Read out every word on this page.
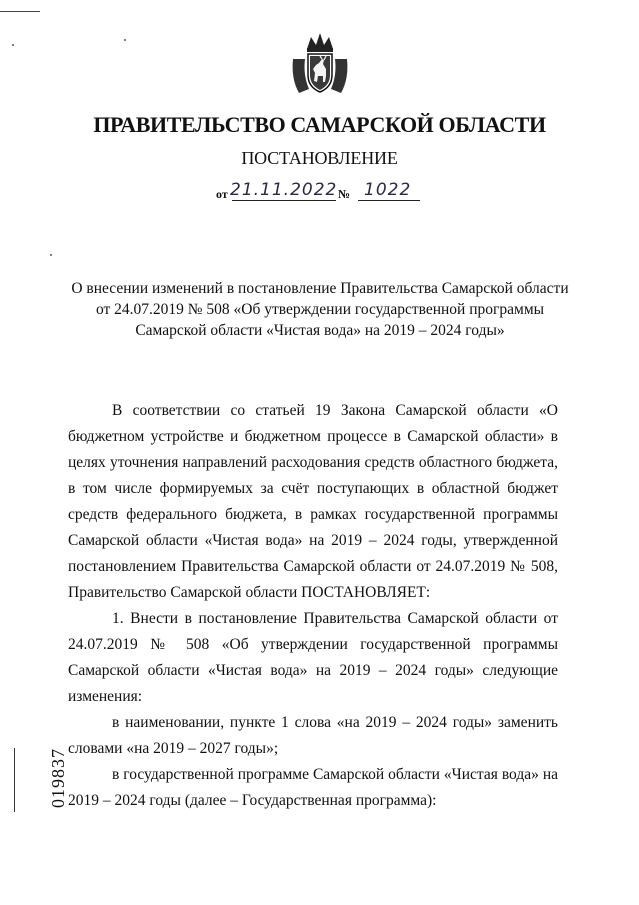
ПРАВИТЕЛЬСТВО САМАРСКОЙ ОБЛАСТИ
ПОСТАНОВЛЕНИЕ
от 21.11.2022 № 1022
О внесении изменений в постановление Правительства Самарской области
от 24.07.2019 № 508 «Об утверждении государственной программы
Самарской области «Чистая вода» на 2019 – 2024 годы»
В соответствии со статьей 19 Закона Самарской области «О бюджетном устройстве и бюджетном процессе в Самарской области» в целях уточнения направлений расходования средств областного бюджета, в том числе формируемых за счёт поступающих в областной бюджет средств федерального бюджета, в рамках государственной программы Самарской области «Чистая вода» на 2019 – 2024 годы, утвержденной постановлением Правительства Самарской области от 24.07.2019 № 508, Правительство Самарской области ПОСТАНОВЛЯЕТ:
1. Внести в постановление Правительства Самарской области от 24.07.2019 № 508 «Об утверждении государственной программы Самарской области «Чистая вода» на 2019 – 2024 годы» следующие изменения:
в наименовании, пункте 1 слова «на 2019 – 2024 годы» заменить словами «на 2019 – 2027 годы»;
в государственной программе Самарской области «Чистая вода» на 2019 – 2024 годы (далее – Государственная программа):
019837
